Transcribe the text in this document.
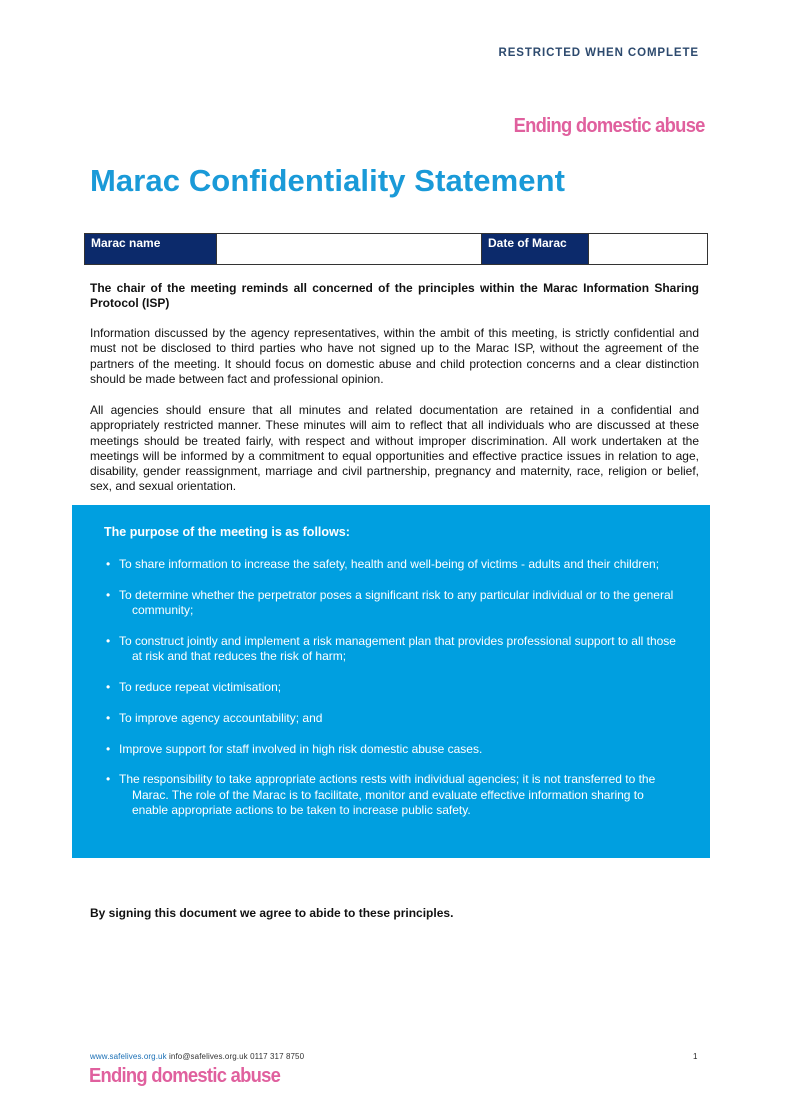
RESTRICTED WHEN COMPLETE
Ending domestic abuse
Marac Confidentiality Statement
Marac name		Date of Marac	

The chair of the meeting reminds all concerned of the principles within the Marac Information Sharing Protocol (ISP)

Information discussed by the agency representatives, within the ambit of this meeting, is strictly confidential and must not be disclosed to third parties who have not signed up to the Marac ISP, without the agreement of the partners of the meeting. It should focus on domestic abuse and child protection concerns and a clear distinction should be made between fact and professional opinion.

All agencies should ensure that all minutes and related documentation are retained in a confidential and appropriately restricted manner. These minutes will aim to reflect that all individuals who are discussed at these meetings should be treated fairly, with respect and without improper discrimination. All work undertaken at the meetings will be informed by a commitment to equal opportunities and effective practice issues in relation to age, disability, gender reassignment, marriage and civil partnership, pregnancy and maternity, race, religion or belief, sex, and sexual orientation.

The purpose of the meeting is as follows:
• To share information to increase the safety, health and well-being of victims - adults and their children;
• To determine whether the perpetrator poses a significant risk to any particular individual or to the general community;
• To construct jointly and implement a risk management plan that provides professional support to all those at risk and that reduces the risk of harm;
• To reduce repeat victimisation;
• To improve agency accountability; and
• Improve support for staff involved in high risk domestic abuse cases.
• The responsibility to take appropriate actions rests with individual agencies; it is not transferred to the Marac. The role of the Marac is to facilitate, monitor and evaluate effective information sharing to enable appropriate actions to be taken to increase public safety.

By signing this document we agree to abide to these principles.

www.safelives.org.uk info@safelives.org.uk 0117 317 8750	1
Ending domestic abuse
